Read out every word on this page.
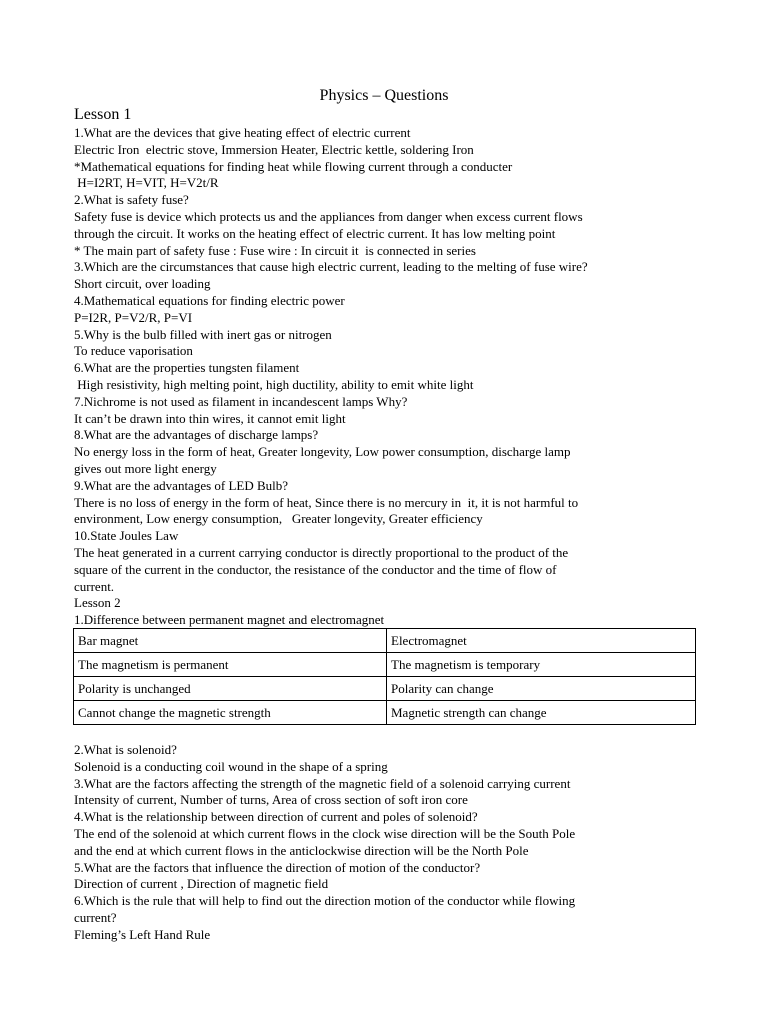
Physics – Questions
Lesson 1

1.What are the devices that give heating effect of electric current

Electric Iron  electric stove, Immersion Heater, Electric kettle, soldering Iron

*Mathematical equations for finding heat while flowing current through a conducter

H=I2RT, H=VIT, H=V2t/R

2.What is safety fuse?

Safety fuse is device which protects us and the appliances from danger when excess current flows

through the circuit. It works on the heating effect of electric current. It has low melting point

* The main part of safety fuse : Fuse wire : In circuit it  is connected in series

3.Which are the circumstances that cause high electric current, leading to the melting of fuse wire?

Short circuit, over loading

4.Mathematical equations for finding electric power

P=I2R, P=V2/R, P=VI

5.Why is the bulb filled with inert gas or nitrogen

To reduce vaporisation

6.What are the properties tungsten filament

High resistivity, high melting point, high ductility, ability to emit white light

7.Nichrome is not used as filament in incandescent lamps Why?

It can’t be drawn into thin wires, it cannot emit light

8.What are the advantages of discharge lamps?

No energy loss in the form of heat, Greater longevity, Low power consumption, discharge lamp

gives out more light energy

9.What are the advantages of LED Bulb?

There is no loss of energy in the form of heat, Since there is no mercury in  it, it is not harmful to

environment, Low energy consumption,   Greater longevity, Greater efficiency

10.State Joules Law

The heat generated in a current carrying conductor is directly proportional to the product of the

square of the current in the conductor, the resistance of the conductor and the time of flow of

current.

Lesson 2

1.Difference between permanent magnet and electromagnet

Bar magnet	Electromagnet
The magnetism is permanent	The magnetism is temporary
Polarity is unchanged	Polarity can change
Cannot change the magnetic strength	Magnetic strength can change

2.What is solenoid?

Solenoid is a conducting coil wound in the shape of a spring

3.What are the factors affecting the strength of the magnetic field of a solenoid carrying current

Intensity of current, Number of turns, Area of cross section of soft iron core

4.What is the relationship between direction of current and poles of solenoid?

The end of the solenoid at which current flows in the clock wise direction will be the South Pole

and the end at which current flows in the anticlockwise direction will be the North Pole

5.What are the factors that influence the direction of motion of the conductor?

Direction of current , Direction of magnetic field

6.Which is the rule that will help to find out the direction motion of the conductor while flowing

current?

Fleming’s Left Hand Rule
